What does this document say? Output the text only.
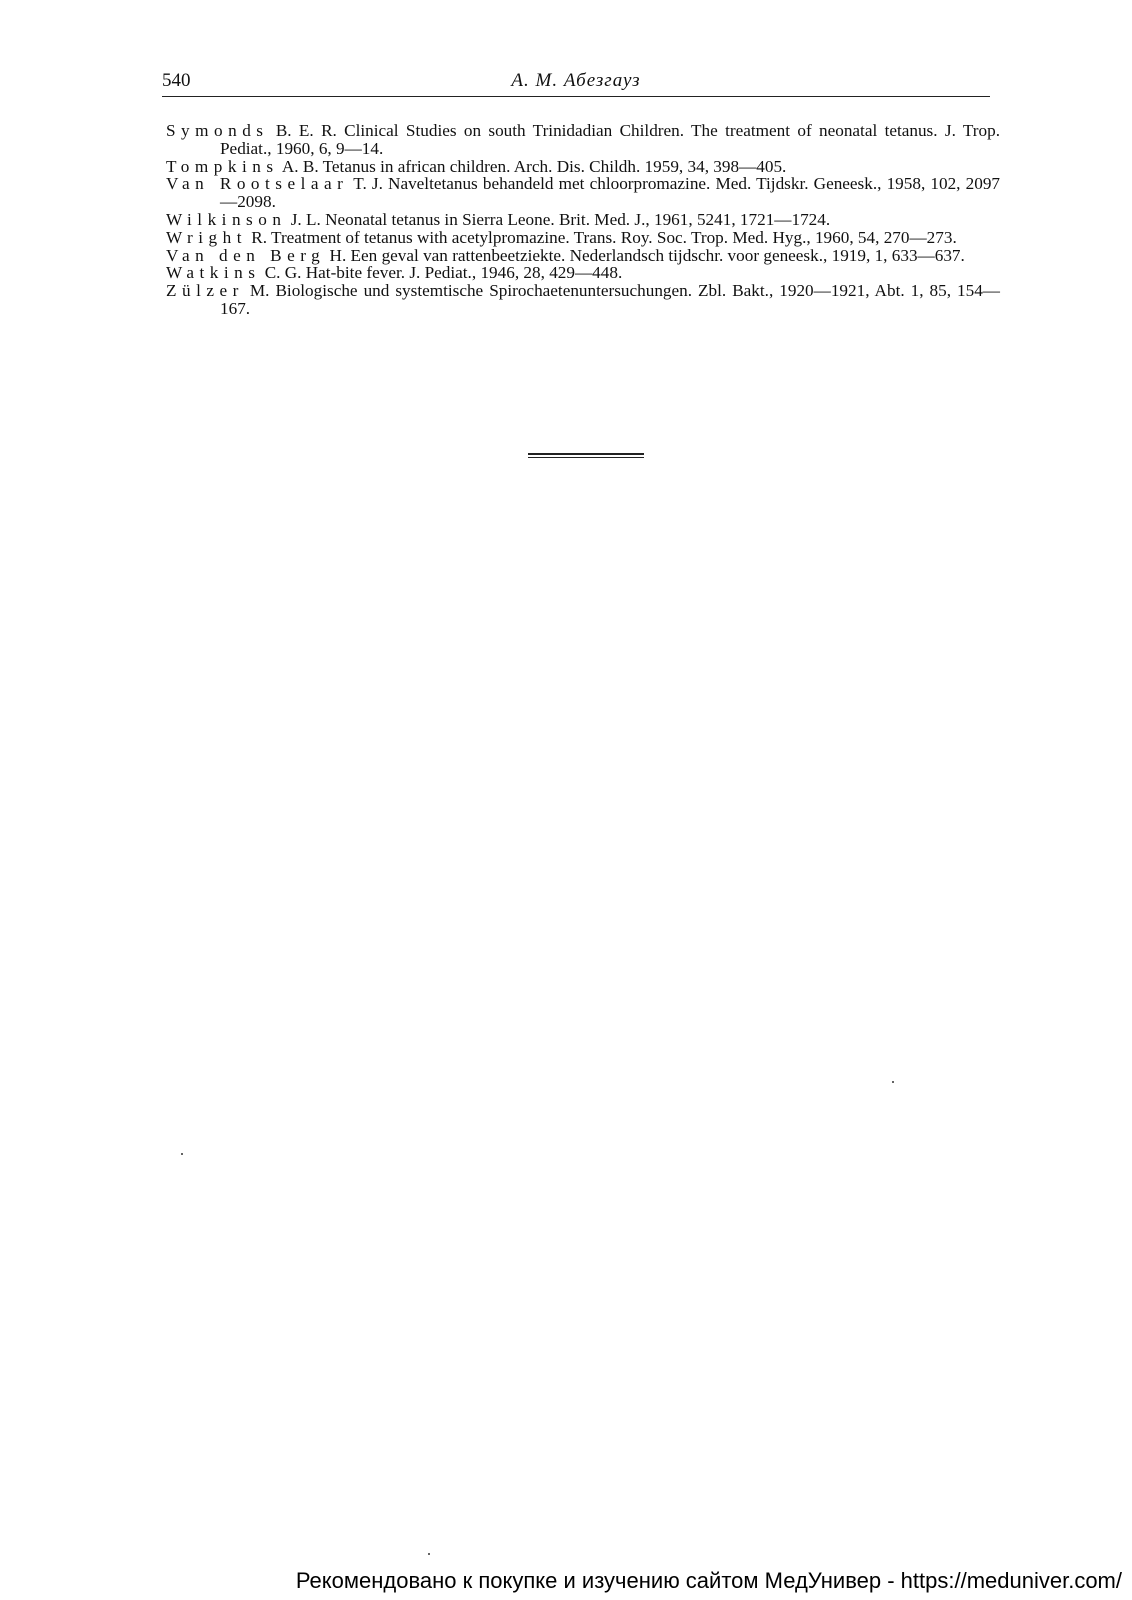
540	А. М. Абезгауз
Symonds B. E. R. Clinical Studies on south Trinidadian Children. The treatment of neonatal tetanus. J. Trop. Pediat., 1960, 6, 9—14.
Tompkins A. B. Tetanus in african children. Arch. Dis. Childh. 1959, 34, 398—405.
Van Rootselaar T. J. Naveltetanus behandeld met chloorpromazine. Med. Tijdskr. Geneesk., 1958, 102, 2097—2098.
Wilkinson J. L. Neonatal tetanus in Sierra Leone. Brit. Med. J., 1961, 5241, 1721—1724.
Wright R. Treatment of tetanus with acetylpromazine. Trans. Roy. Soc. Trop. Med. Hyg., 1960, 54, 270—273.
Van den Berg H. Een geval van rattenbeetziekte. Nederlandsch tijdschr. voor geneesk., 1919, 1, 633—637.
Watkins C. G. Hat-bite fever. J. Pediat., 1946, 28, 429—448.
Zülzer M. Biologische und systemtische Spirochaetenuntersuchungen. Zbl. Bakt., 1920—1921, Abt. 1, 85, 154—167.
Рекомендовано к покупке и изучению сайтом МедУнивер - https://meduniver.com/
